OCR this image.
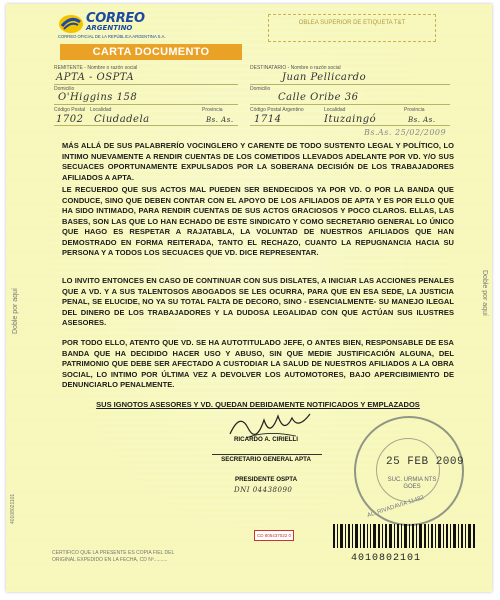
CORREO
ARGENTINO
CORREO OFICIAL DE LA REPÚBLICA ARGENTINA S.A.
OBLEA SUPERIOR DE ETIQUETA T&T
CARTA DOCUMENTO
REMITENTE - Nombre o razón social
APTA - OSPTA
Domicilio
O'Higgins 158
Código Postal Localidad	Provincia
1702 Ciudadela	Bs. As.
DESTINATARIO - Nombre o razón social
Juan Pellicardo
Domicilio
Calle Oribe 36
Código Postal Argentino	Localidad	Provincia
1714	Ituzaingó	Bs. As.
Bs.As. 25/02/2009
MÁS ALLÁ DE SUS PALABRERÍO VOCINGLERO Y CARENTE DE TODO SUSTENTO LEGAL Y POLÍTICO, LO INTIMO NUEVAMENTE A RENDIR CUENTAS DE LOS COMETIDOS LLEVADOS ADELANTE POR VD. Y/O SUS SECUACES OPORTUNAMENTE EXPULSADOS POR LA SOBERANA DECISIÓN DE LOS TRABAJADORES AFILIADOS A APTA.
LE RECUERDO QUE SUS ACTOS MAL PUEDEN SER BENDECIDOS YA POR VD. O POR LA BANDA QUE CONDUCE, SINO QUE DEBEN CONTAR CON EL APOYO DE LOS AFILIADOS DE APTA Y ES POR ELLO QUE HA SIDO INTIMADO, PARA RENDIR CUENTAS DE SUS ACTOS GRACIOSOS Y POCO CLAROS. ELLAS, LAS BASES, SON LAS QUE LO HAN ECHADO DE ESTE SINDICATO Y COMO SECRETARIO GENERAL LO ÚNICO QUE HAGO ES RESPETAR A RAJATABLA, LA VOLUNTAD DE NUESTROS AFILIADOS QUE HAN DEMOSTRADO EN FORMA REITERADA, TANTO EL RECHAZO, CUANTO LA REPUGNANCIA HACIA SU PERSONA Y A TODOS LOS SECUACES QUE VD. DICE REPRESENTAR.
LO INVITO ENTONCES EN CASO DE CONTINUAR CON SUS DISLATES, A INICIAR LAS ACCIONES PENALES QUE A VD. Y A SUS TALENTOSOS ABOGADOS SE LES OCURRA, PARA QUE EN ESA SEDE, LA JUSTICIA PENAL, SE ELUCIDE, NO YA SU TOTAL FALTA DE DECORO, SINO - ESENCIALMENTE- SU MANEJO ILEGAL DEL DINERO DE LOS TRABAJADORES Y LA DUDOSA LEGALIDAD CON QUE ACTÚAN SUS ILUSTRES ASESORES.
POR TODO ELLO, ATENTO QUE VD. SE HA AUTOTITULADO JEFE, O ANTES BIEN, RESPONSABLE DE ESA BANDA QUE HA DECIDIDO HACER USO Y ABUSO, SIN QUE MEDIE JUSTIFICACIÓN ALGUNA, DEL PATRIMONIO QUE DEBE SER AFECTADO A CUSTODIAR LA SALUD DE NUESTROS AFILIADOS A LA OBRA SOCIAL, LO INTIMO POR ÚLTIMA VEZ A DEVOLVER LOS AUTOMOTORES, BAJO APERCIBIMIENTO DE DENUNCIARLO PENALMENTE.
SUS IGNOTOS ASESORES Y VD. QUEDAN DEBIDAMENTE NOTIFICADOS Y EMPLAZADOS
RICARDO A. CIRIELLI
SECRETARIO GENERAL APTA
PRESIDENTE OSPTA
DNI 04438090
25 FEB 2009
SUC. URMIA NTS GOES
AL. RIVADAVIA 11482
Doble por aquí	Doble por aquí
40108021101
CERTIFICO QUE LA PRESENTE ES COPIA FIEL DEL
ORIGINAL EXPEDIDO EN LA FECHA, CD Nº..........
CD 805437022 0
4010802101
